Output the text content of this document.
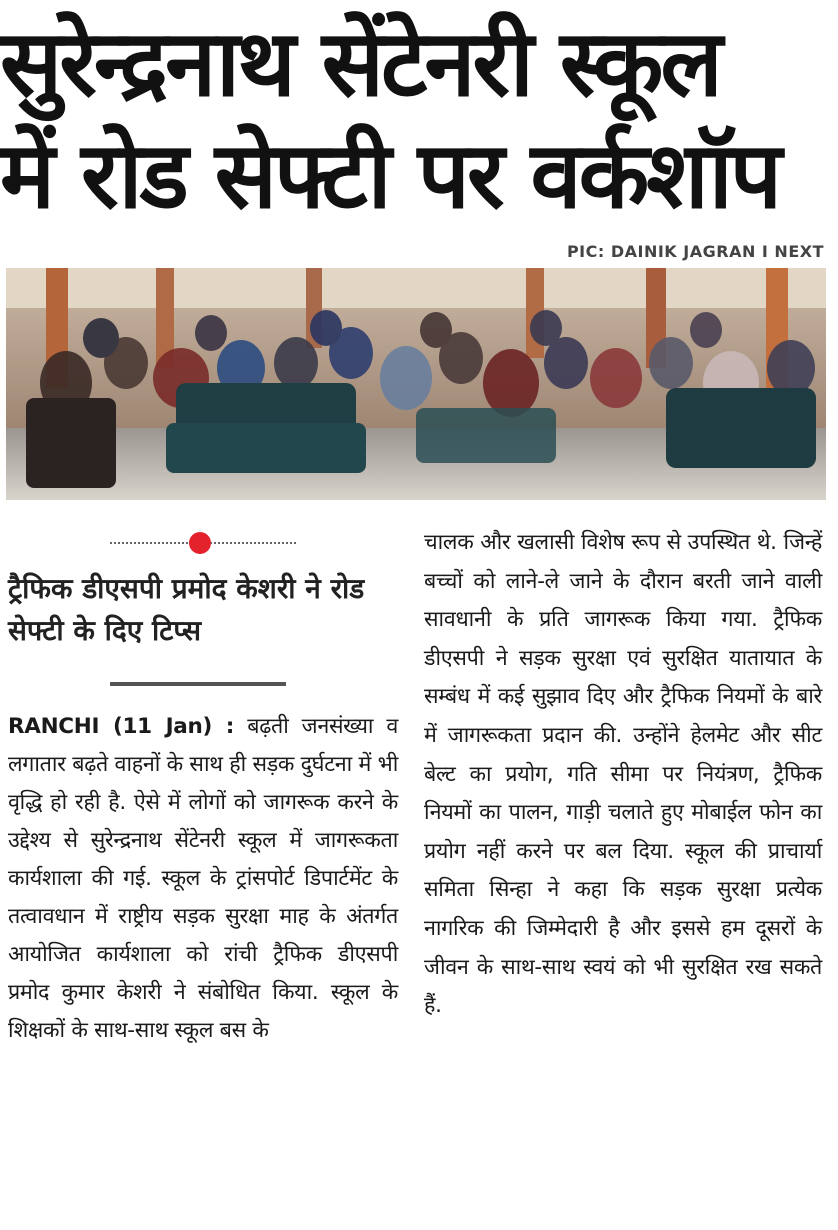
सुरेन्द्रनाथ सेंटेनरी स्कूल
में रोड सेफ्टी पर वर्कशॉप
PIC: DAINIK JAGRAN I NEXT
ट्रैफिक डीएसपी प्रमोद केशरी ने रोड सेफ्टी के दिए टिप्स

RANCHI (11 Jan) : बढ़ती जनसंख्या व लगातार बढ़ते वाहनों के साथ ही सड़क दुर्घटना में भी वृद्धि हो रही है. ऐसे में लोगों को जागरूक करने के उद्देश्य से सुरेन्द्रनाथ सेंटेनरी स्कूल में जागरूकता कार्यशाला की गई. स्कूल के ट्रांसपोर्ट डिपार्टमेंट के तत्वावधान में राष्ट्रीय सड़क सुरक्षा माह के अंतर्गत आयोजित कार्यशाला को रांची ट्रैफिक डीएसपी प्रमोद कुमार केशरी ने संबोधित किया. स्कूल के शिक्षकों के साथ-साथ स्कूल बस के

चालक और खलासी विशेष रूप से उपस्थित थे. जिन्हें बच्चों को लाने-ले जाने के दौरान बरती जाने वाली सावधानी के प्रति जागरूक किया गया. ट्रैफिक डीएसपी ने सड़क सुरक्षा एवं सुरक्षित यातायात के सम्बंध में कई सुझाव दिए और ट्रैफिक नियमों के बारे में जागरूकता प्रदान की. उन्होंने हेलमेट और सीट बेल्ट का प्रयोग, गति सीमा पर नियंत्रण, ट्रैफिक नियमों का पालन, गाड़ी चलाते हुए मोबाईल फोन का प्रयोग नहीं करने पर बल दिया. स्कूल की प्राचार्या समिता सिन्हा ने कहा कि सड़क सुरक्षा प्रत्येक नागरिक की जिम्मेदारी है और इससे हम दूसरों के जीवन के साथ-साथ स्वयं को भी सुरक्षित रख सकते हैं.
